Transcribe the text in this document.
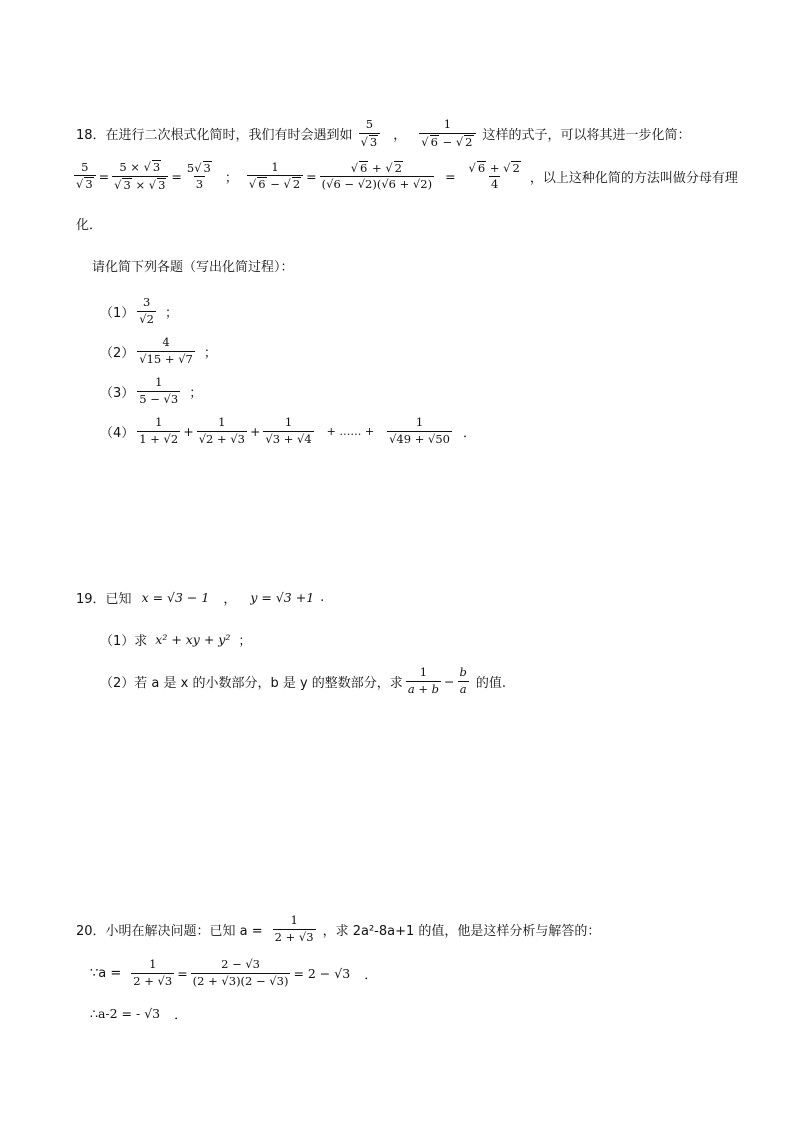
18． 在进行二次根式化简时，我们有时会遇到如 $\frac{5}{√ 3}$ ， $\frac{1}{√ 6 - √ 2}$ 这样的式子，可以将其进一步化简：
$\frac{5}{√ 3} = \frac{5 \times √ 3}{√ 3 \times √ 3} = \frac{5√ 3}{3}$ ； $\frac{1}{√ 6 - √ 2} = \frac{√ 6 + √ 2}{(√6 - √2)(√6 + √2)} = \frac{√ 6 + √ 2}{4}$ ，以上这种化简的方法叫做分母有理
化．
请化简下列各题（写出化简过程）：
$(1) \frac{3}{√2}$ ；
$(2) \frac{4}{√15 + √7}$ ；
$(3) \frac{1}{5 - √3}$ ；
$(4) \frac{1}{1 + √2} + \frac{1}{√2 + √3} + \frac{1}{√3 + √4}$ + …… + $\frac{1}{√49 + √50}$ ．
19． 已知 x = √3 − 1 ， y = √3 +1 .
（1）求 x² + xy + y² ；
（2）若 a 是 x 的小数部分，b 是 y 的整数部分，求 $\frac{1}{a + b} - \frac{b}{a}$ 的值.
20． 小明在解决问题：已知 $a = \frac{1}{2 + √3}$ ，求 2a²-8a+1 的值，他是这样分析与解答的：
∵a = $\frac{1}{2 + √3} = \frac{2 - √3}{(2 + √3)(2 - √3)} = 2 - √3$ ．
∴a-2 = - √3 ．
